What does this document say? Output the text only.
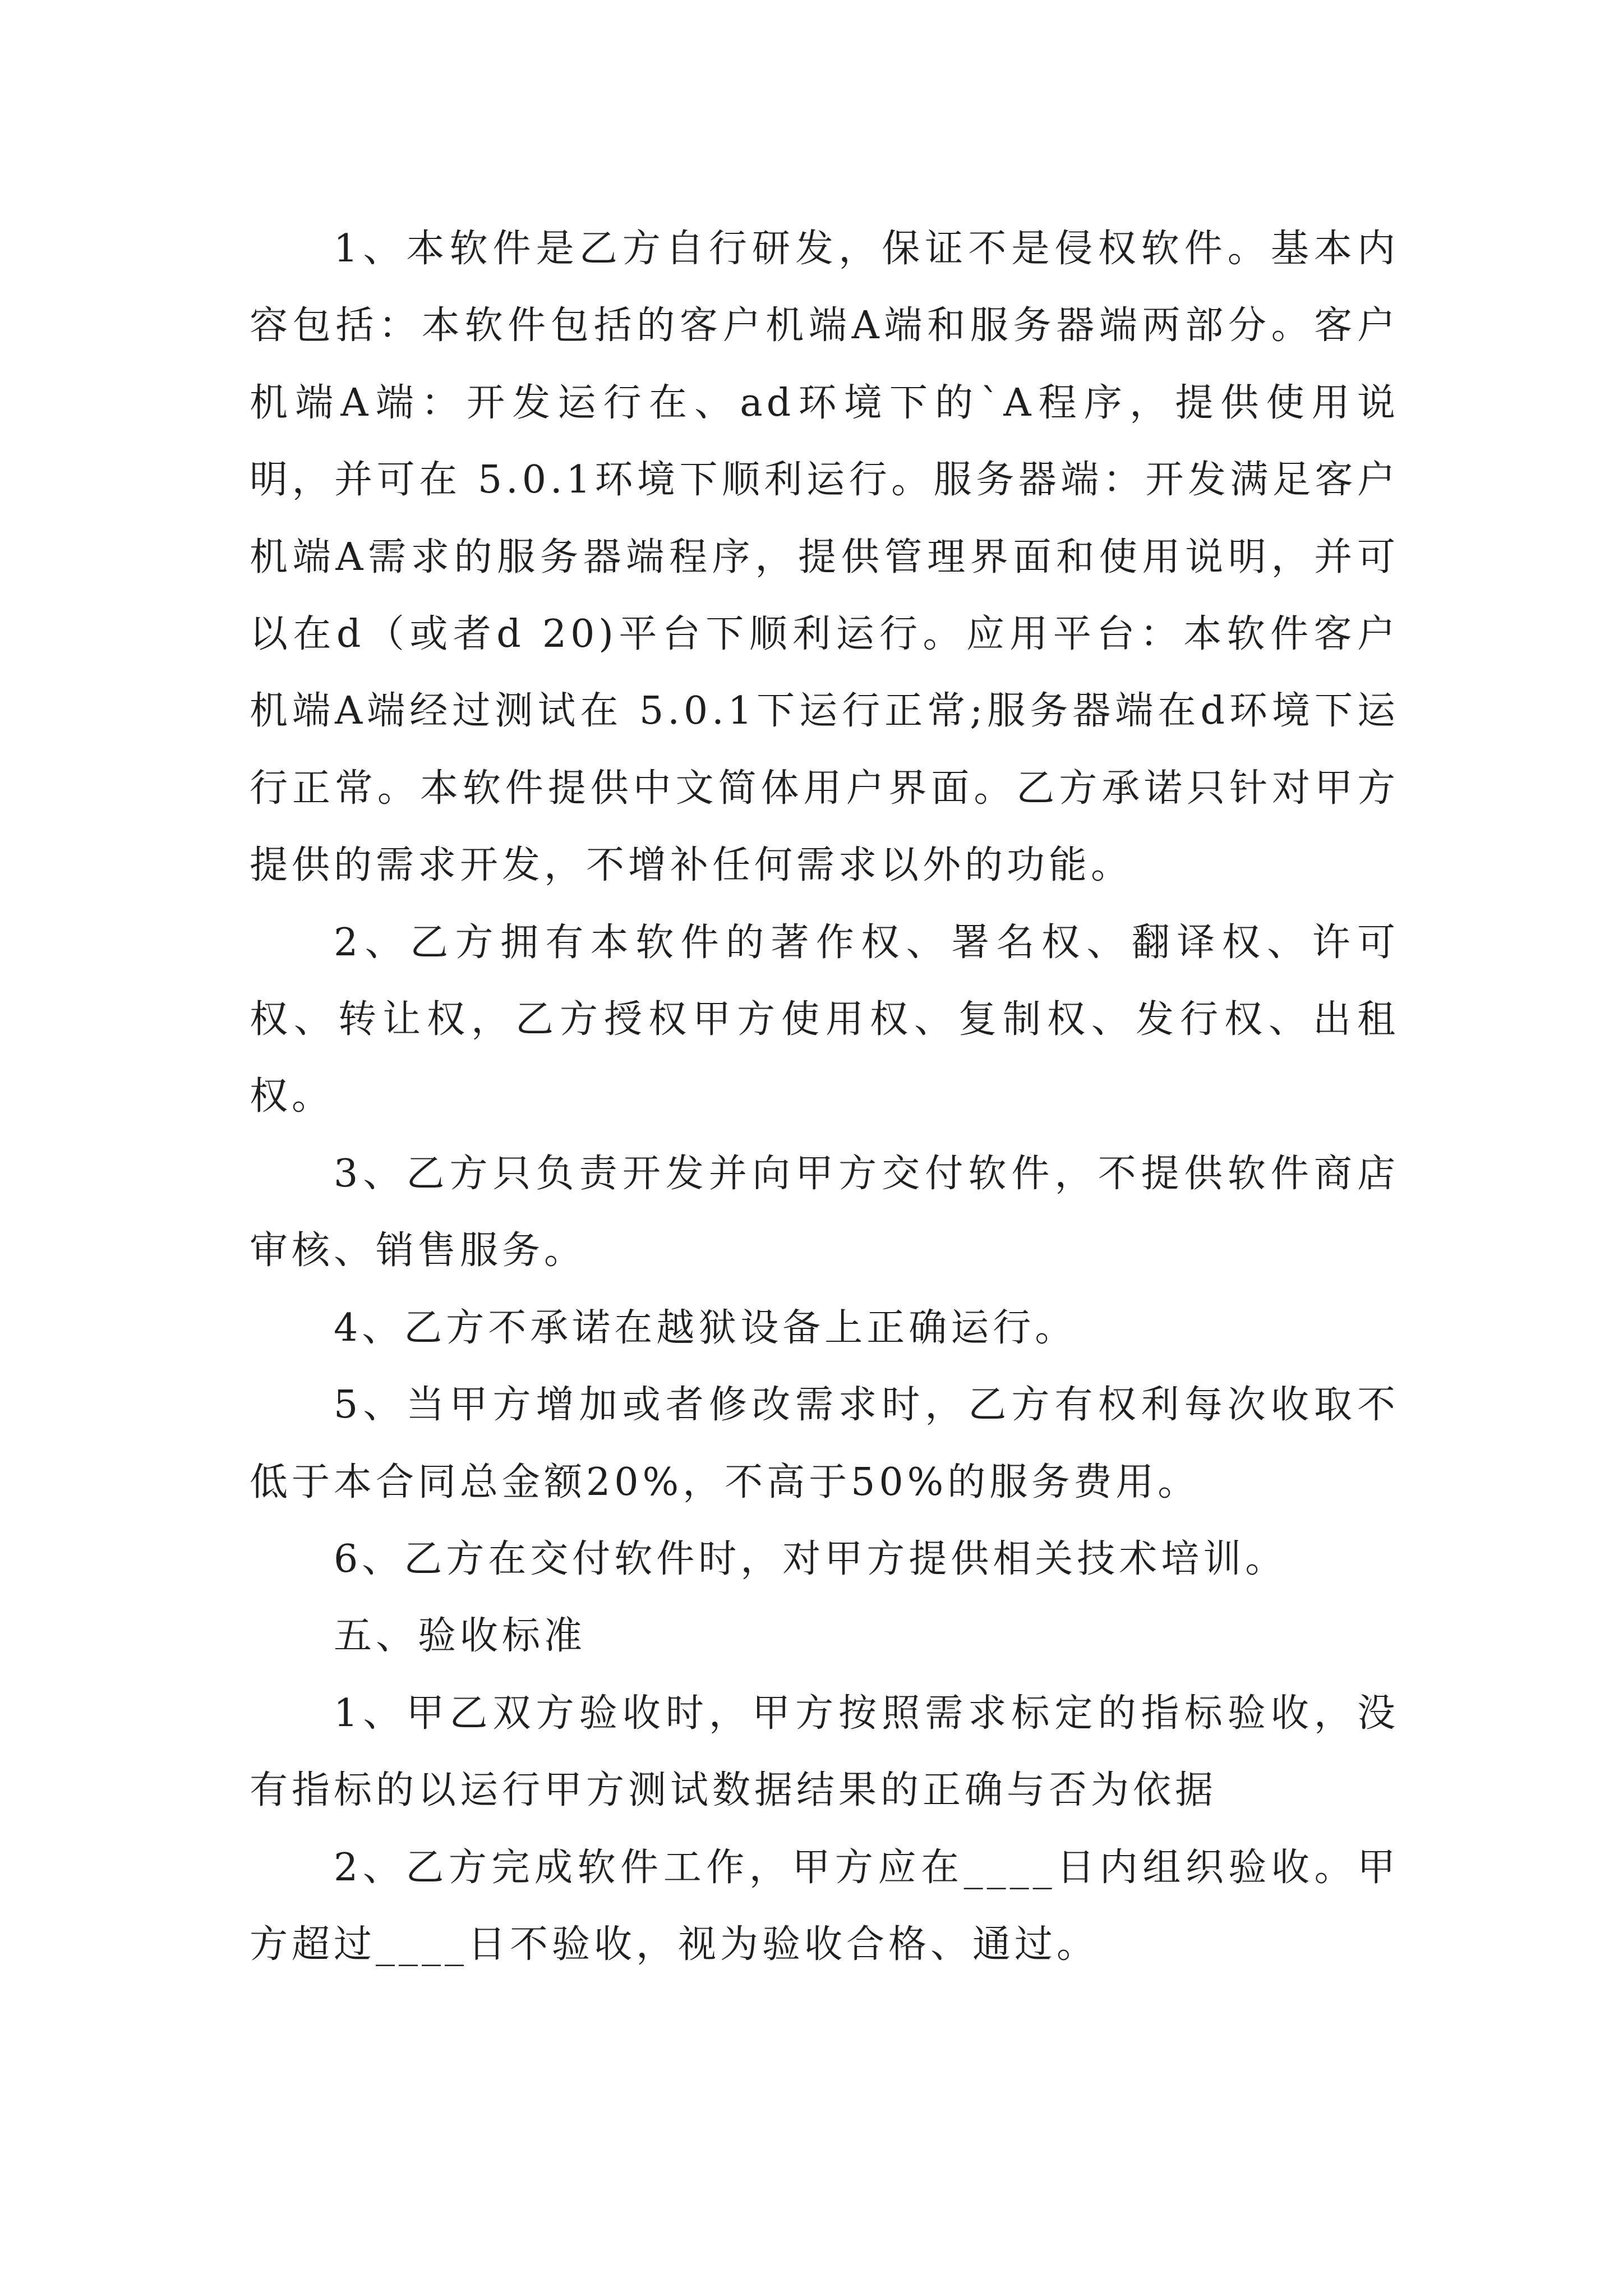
1、本软件是乙方自行研发，保证不是侵权软件。基本内容包括：本软件包括的客户机端A端和服务器端两部分。客户机端A端：开发运行在、ad环境下的`A程序，提供使用说明，并可在 5.0.1环境下顺利运行。服务器端：开发满足客户机端A需求的服务器端程序，提供管理界面和使用说明，并可以在d（或者d 20)平台下顺利运行。应用平台：本软件客户机端A端经过测试在 5.0.1下运行正常;服务器端在d环境下运行正常。本软件提供中文简体用户界面。乙方承诺只针对甲方提供的需求开发，不增补任何需求以外的功能。

2、乙方拥有本软件的著作权、署名权、翻译权、许可权、转让权，乙方授权甲方使用权、复制权、发行权、出租权。

3、乙方只负责开发并向甲方交付软件，不提供软件商店审核、销售服务。

4、乙方不承诺在越狱设备上正确运行。

5、当甲方增加或者修改需求时，乙方有权利每次收取不低于本合同总金额20%，不高于50%的服务费用。

6、乙方在交付软件时，对甲方提供相关技术培训。

五、验收标准

1、甲乙双方验收时，甲方按照需求标定的指标验收，没有指标的以运行甲方测试数据结果的正确与否为依据

2、乙方完成软件工作，甲方应在____日内组织验收。甲方超过____日不验收，视为验收合格、通过。
